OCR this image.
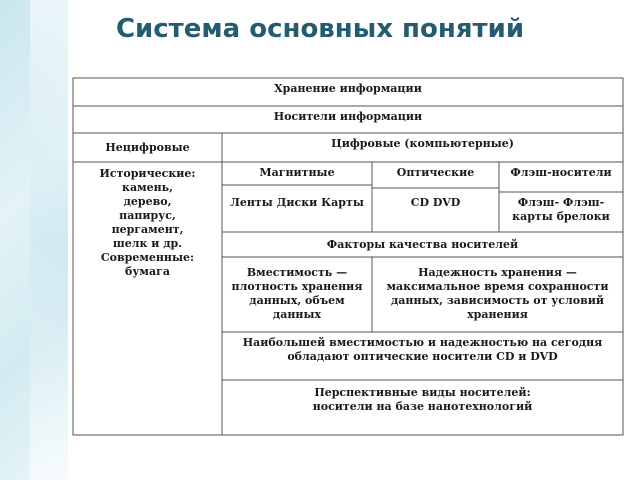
Система основных понятий
Хранение информации
Носители информации
Нецифровые	Цифровые (компьютерные)
Исторические:
камень,
дерево,
папирус,
пергамент,
шелк и др.
Современные:
бумага
Магнитные
Ленты Диски Карты
Оптические
CD DVD
Флэш-носители
Флэш- Флэш-карты брелоки
Факторы качества носителей
Вместимость — плотность хранения данных, объем данных
Надежность хранения — максимальное время сохранности данных, зависимость от условий хранения
Наибольшей вместимостью и надежностью на сегодня обладают оптические носители CD и DVD
Перспективные виды носителей:
носители на базе нанотехнологий
